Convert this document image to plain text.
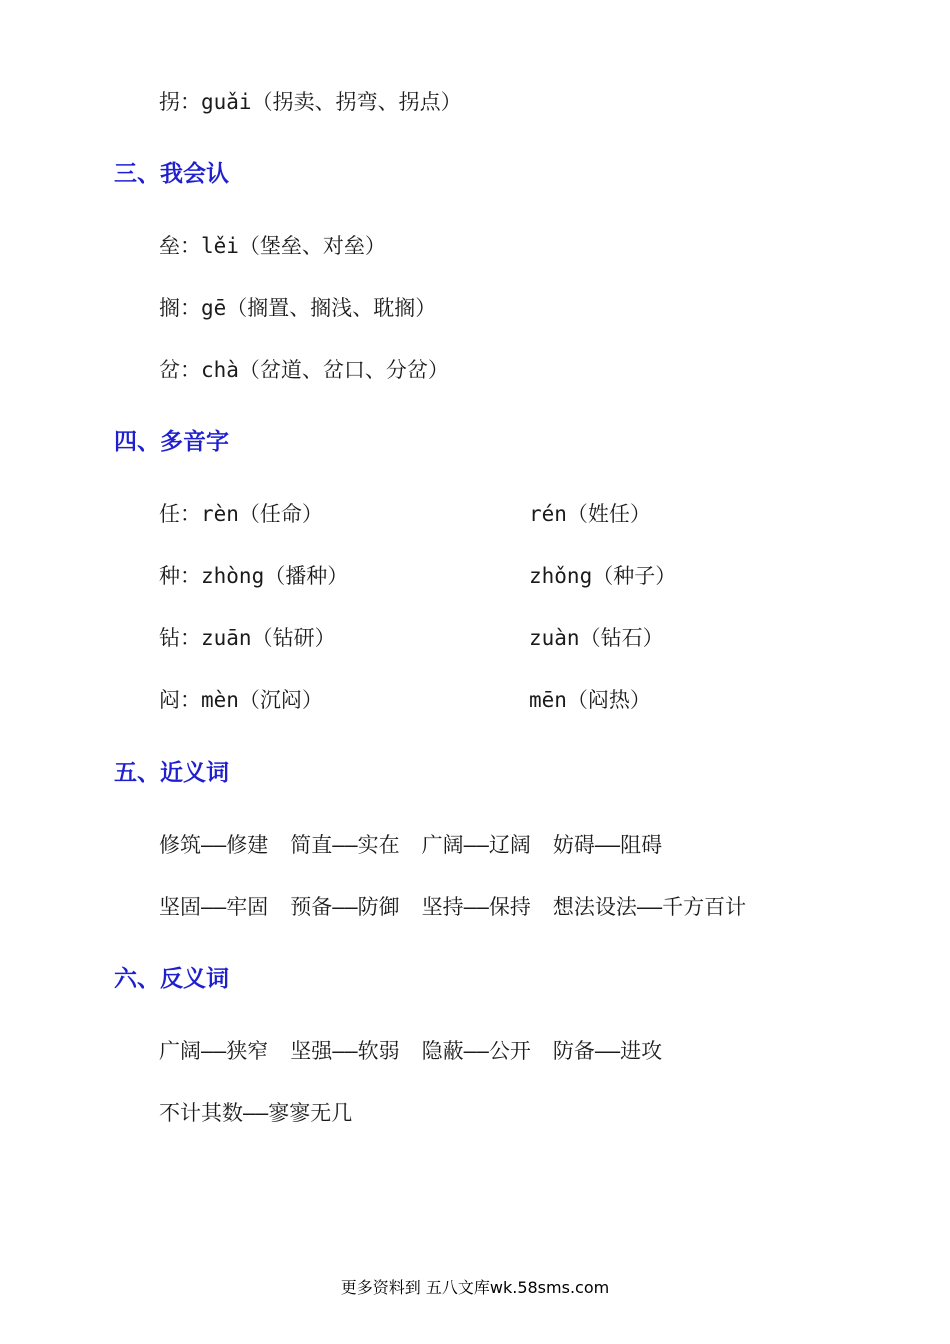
拐：guǎi（拐卖、拐弯、拐点）
三、我会认
垒：lěi（堡垒、对垒）
搁：gē（搁置、搁浅、耽搁）
岔：chà（岔道、岔口、分岔）
四、多音字
任：rèn（任命）	rén（姓任）
种：zhòng（播种）	zhǒng（种子）
钻：zuān（钻研）	zuàn（钻石）
闷：mèn（沉闷）	mēn（闷热）
五、近义词
修筑——修建 简直——实在 广阔——辽阔 妨碍——阻碍
坚固——牢固 预备——防御 坚持——保持 想法设法——千方百计
六、反义词
广阔——狭窄 坚强——软弱 隐蔽——公开 防备——进攻
不计其数——寥寥无几
更多资料到 五八文库wk.58sms.com
